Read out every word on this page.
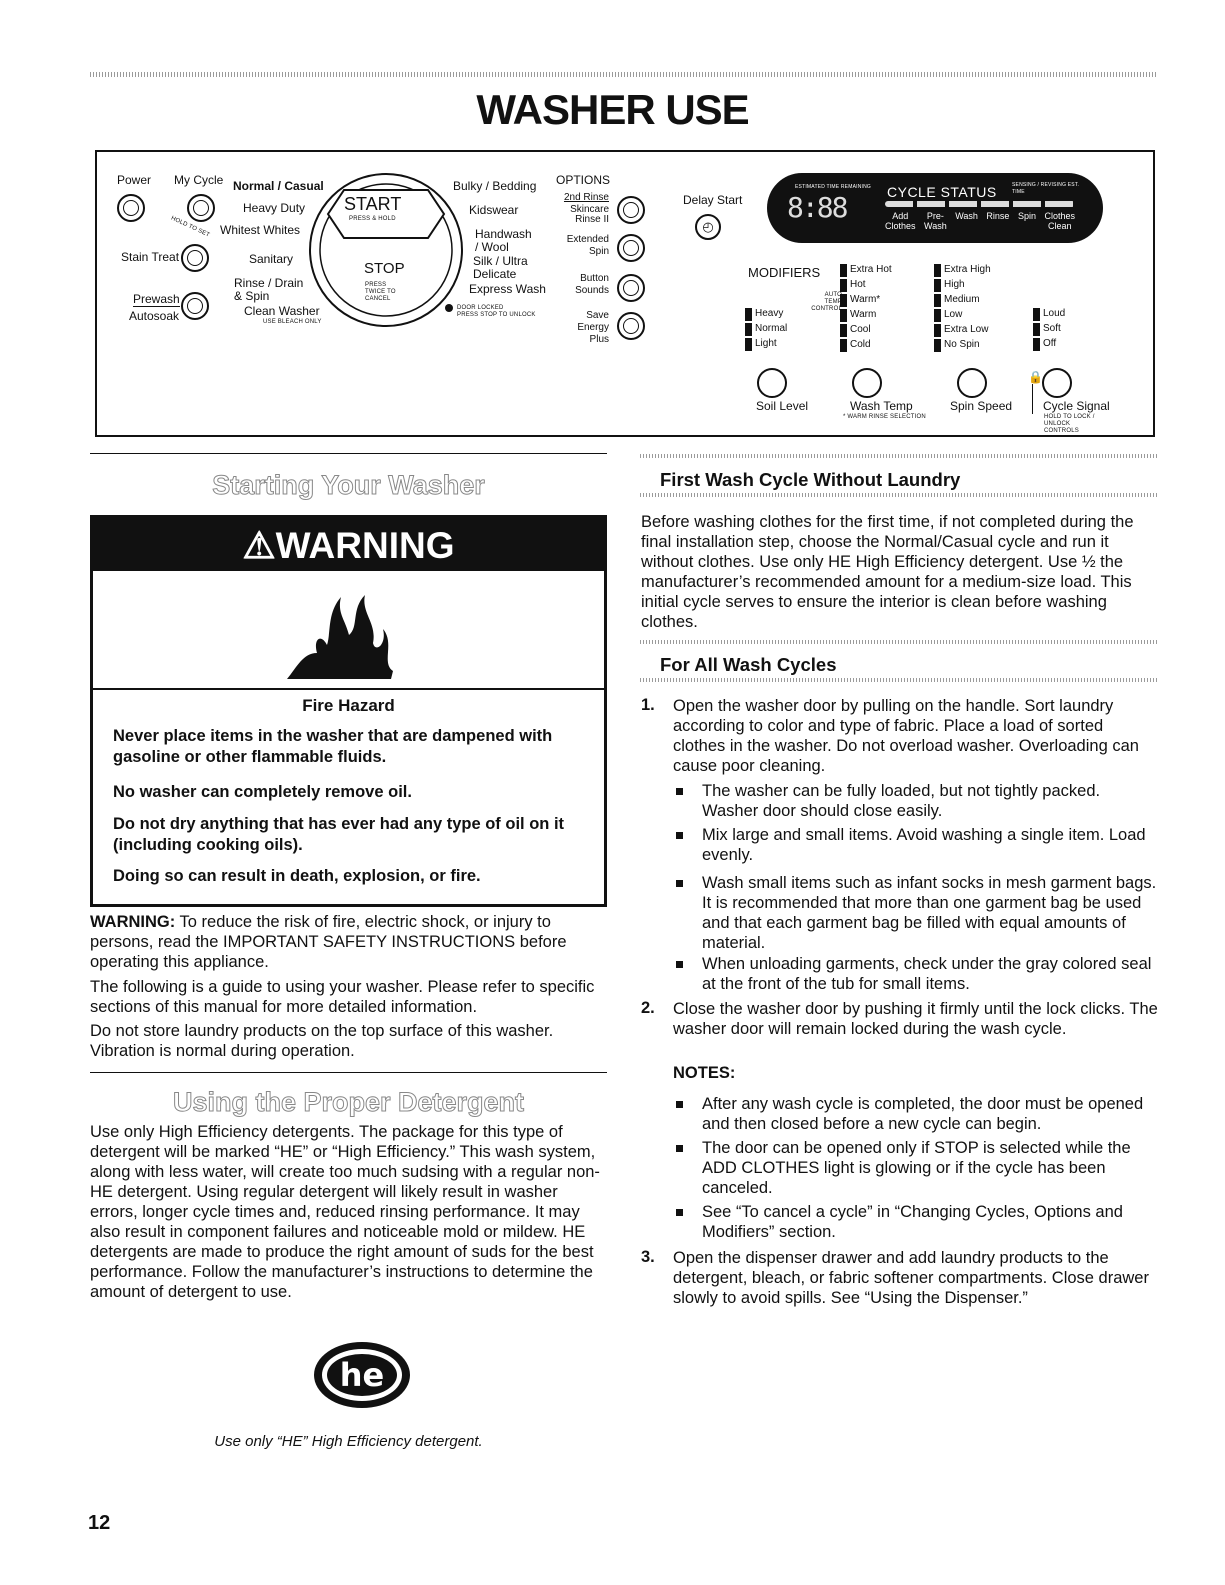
WASHER USE
Power My Cycle
HOLD TO SET
Stain Treat
Prewash
Autosoak
Normal / Casual
Heavy Duty
Whitest Whites
Sanitary
Rinse / Drain & Spin
Clean Washer
USE BLEACH ONLY
START
PRESS & HOLD
STOP
PRESS TWICE TO CANCEL
DOOR LOCKED
PRESS STOP TO UNLOCK
Bulky / Bedding
Kidswear
Handwash / Wool
Silk / Ultra Delicate
Express Wash
OPTIONS
2nd Rinse
Skincare
Rinse II
Extended
Spin
Button
Sounds
Save
Energy
Plus
Delay Start
◴
ESTIMATED TIME REMAINING
8:88	CYCLE STATUS	SENSING / REVISING EST. TIME
Add
Clothes
Pre-
Wash
Wash Rinse Spin Clothes
Clean
MODIFIERS
Heavy
Normal
Light
Extra Hot
Hot
Warm*
Warm
Cool
Cold
AUTO TEMP CONTROL
Extra High
High
Medium
Low
Extra Low
No Spin
Loud
Soft
Off
🔒
Soil Level	Wash Temp
* WARM RINSE SELECTION
Spin Speed	Cycle Signal
HOLD TO LOCK / UNLOCK CONTROLS
Starting Your Washer
⚠WARNING
Fire Hazard
Never place items in the washer that are dampened with gasoline or other flammable fluids.
No washer can completely remove oil.
Do not dry anything that has ever had any type of oil on it (including cooking oils).
Doing so can result in death, explosion, or fire.
WARNING: To reduce the risk of fire, electric shock, or injury to persons, read the IMPORTANT SAFETY INSTRUCTIONS before operating this appliance.
The following is a guide to using your washer. Please refer to specific sections of this manual for more detailed information.
Do not store laundry products on the top surface of this washer. Vibration is normal during operation.
Using the Proper Detergent
Use only High Efficiency detergents. The package for this type of detergent will be marked “HE” or “High Efficiency.” This wash system, along with less water, will create too much sudsing with a regular non-HE detergent. Using regular detergent will likely result in washer errors, longer cycle times and, reduced rinsing performance. It may also result in component failures and noticeable mold or mildew. HE detergents are made to produce the right amount of suds for the best performance. Follow the manufacturer’s instructions to determine the amount of detergent to use.
he
Use only “HE” High Efficiency detergent.
12
First Wash Cycle Without Laundry
Before washing clothes for the first time, if not completed during the final installation step, choose the Normal/Casual cycle and run it without clothes. Use only HE High Efficiency detergent. Use ½ the manufacturer’s recommended amount for a medium-size load. This initial cycle serves to ensure the interior is clean before washing clothes.
For All Wash Cycles
1. Open the washer door by pulling on the handle. Sort laundry according to color and type of fabric. Place a load of sorted clothes in the washer. Do not overload washer. Overloading can cause poor cleaning.
The washer can be fully loaded, but not tightly packed. Washer door should close easily.
Mix large and small items. Avoid washing a single item. Load evenly.
Wash small items such as infant socks in mesh garment bags. It is recommended that more than one garment bag be used and that each garment bag be filled with equal amounts of material.
When unloading garments, check under the gray colored seal at the front of the tub for small items.
2. Close the washer door by pushing it firmly until the lock clicks. The washer door will remain locked during the wash cycle.
NOTES:
After any wash cycle is completed, the door must be opened and then closed before a new cycle can begin.
The door can be opened only if STOP is selected while the ADD CLOTHES light is glowing or if the cycle has been canceled.
See “To cancel a cycle” in “Changing Cycles, Options and Modifiers” section.
3. Open the dispenser drawer and add laundry products to the detergent, bleach, or fabric softener compartments. Close drawer slowly to avoid spills. See “Using the Dispenser.”
